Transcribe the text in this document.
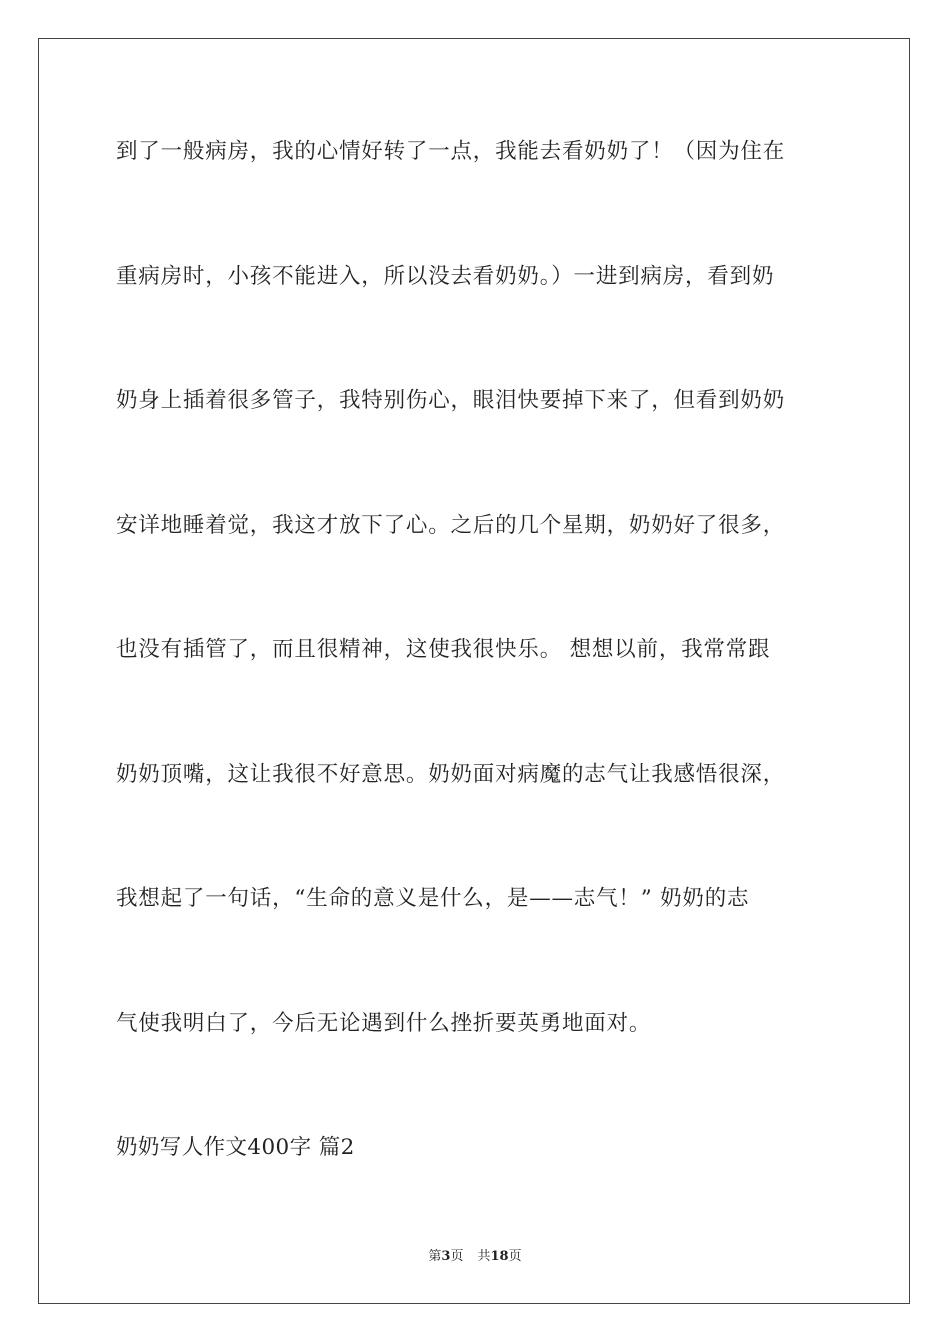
到了一般病房，我的心情好转了一点，我能去看奶奶了！（因为住在
重病房时，小孩不能进入，所以没去看奶奶。）一进到病房，看到奶
奶身上插着很多管子，我特别伤心，眼泪快要掉下来了，但看到奶奶
安详地睡着觉，我这才放下了心。之后的几个星期，奶奶好了很多，
也没有插管了，而且很精神，这使我很快乐。 想想以前，我常常跟
奶奶顶嘴，这让我很不好意思。奶奶面对病魔的志气让我感悟很深，
我想起了一句话，“生命的意义是什么，是——志气！” 奶奶的志
气使我明白了，今后无论遇到什么挫折要英勇地面对。
奶奶写人作文400字 篇2
第3页 共18页
